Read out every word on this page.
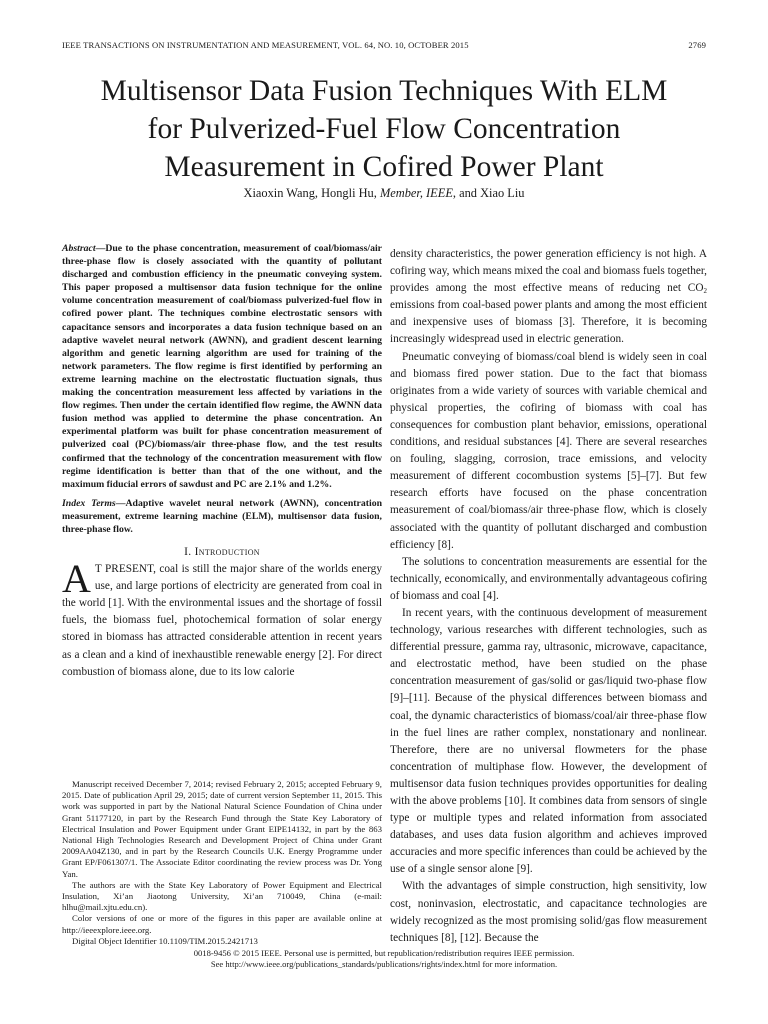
IEEE TRANSACTIONS ON INSTRUMENTATION AND MEASUREMENT, VOL. 64, NO. 10, OCTOBER 2015	2769
Multisensor Data Fusion Techniques With ELM
for Pulverized-Fuel Flow Concentration
Measurement in Cofired Power Plant
Xiaoxin Wang, Hongli Hu, Member, IEEE, and Xiao Liu
Abstract—Due to the phase concentration, measurement of coal/biomass/air three-phase flow is closely associated with the quantity of pollutant discharged and combustion efficiency in the pneumatic conveying system. This paper proposed a multisensor data fusion technique for the online volume concentration measurement of coal/biomass pulverized-fuel flow in cofired power plant. The techniques combine electrostatic sensors with capacitance sensors and incorporates a data fusion technique based on an adaptive wavelet neural network (AWNN), and gradient descent learning algorithm and genetic learning algorithm are used for training of the network parameters. The flow regime is first identified by performing an extreme learning machine on the electrostatic fluctuation signals, thus making the concentration measurement less affected by variations in the flow regimes. Then under the certain identified flow regime, the AWNN data fusion method was applied to determine the phase concentration. An experimental platform was built for phase concentration measurement of pulverized coal (PC)/biomass/air three-phase flow, and the test results confirmed that the technology of the concentration measurement with flow regime identification is better than that of the one without, and the maximum fiducial errors of sawdust and PC are 2.1% and 1.2%.
Index Terms—Adaptive wavelet neural network (AWNN), concentration measurement, extreme learning machine (ELM), multisensor data fusion, three-phase flow.
I. Introduction

A T PRESENT, coal is still the major share of the worlds energy use, and large portions of electricity are generated from coal in the world [1]. With the environmental issues and the shortage of fossil fuels, the biomass fuel, photochemical formation of solar energy stored in biomass has attracted considerable attention in recent years as a clean and a kind of inexhaustible renewable energy [2]. For direct combustion of biomass alone, due to its low calorie

Manuscript received December 7, 2014; revised February 2, 2015; accepted February 9, 2015. Date of publication April 29, 2015; date of current version September 11, 2015. This work was supported in part by the National Natural Science Foundation of China under Grant 51177120, in part by the Research Fund through the State Key Laboratory of Electrical Insulation and Power Equipment under Grant EIPE14132, in part by the 863 National High Technologies Research and Development Project of China under Grant 2009AA04Z130, and in part by the Research Councils U.K. Energy Programme under Grant EP/F061307/1. The Associate Editor coordinating the review process was Dr. Yong Yan.

The authors are with the State Key Laboratory of Power Equipment and Electrical Insulation, Xi’an Jiaotong University, Xi’an 710049, China (e-mail: hlhu@mail.xjtu.edu.cn).

Color versions of one or more of the figures in this paper are available online at http://ieeexplore.ieee.org.

Digital Object Identifier 10.1109/TIM.2015.2421713

density characteristics, the power generation efficiency is not high. A cofiring way, which means mixed the coal and biomass fuels together, provides among the most effective means of reducing net $CO_2$ emissions from coal-based power plants and among the most efficient and inexpensive uses of biomass [3]. Therefore, it is becoming increasingly widespread used in electric generation.

Pneumatic conveying of biomass/coal blend is widely seen in coal and biomass fired power station. Due to the fact that biomass originates from a wide variety of sources with variable chemical and physical properties, the cofiring of biomass with coal has consequences for combustion plant behavior, emissions, operational conditions, and residual substances [4]. There are several researches on fouling, slagging, corrosion, trace emissions, and velocity measurement of different cocombustion systems [5]–[7]. But few research efforts have focused on the phase concentration measurement of coal/biomass/air three-phase flow, which is closely associated with the quantity of pollutant discharged and combustion efficiency [8].

The solutions to concentration measurements are essential for the technically, economically, and environmentally advantageous cofiring of biomass and coal [4].

In recent years, with the continuous development of measurement technology, various researches with different technologies, such as differential pressure, gamma ray, ultrasonic, microwave, capacitance, and electrostatic method, have been studied on the phase concentration measurement of gas/solid or gas/liquid two-phase flow [9]–[11]. Because of the physical differences between biomass and coal, the dynamic characteristics of biomass/coal/air three-phase flow in the fuel lines are rather complex, nonstationary and nonlinear. Therefore, there are no universal flowmeters for the phase concentration of multiphase flow. However, the development of multisensor data fusion techniques provides opportunities for dealing with the above problems [10]. It combines data from sensors of single type or multiple types and related information from associated databases, and uses data fusion algorithm and achieves improved accuracies and more specific inferences than could be achieved by the use of a single sensor alone [9].

With the advantages of simple construction, high sensitivity, low cost, noninvasion, electrostatic, and capacitance technologies are widely recognized as the most promising solid/gas flow measurement techniques [8], [12]. Because the

0018-9456 © 2015 IEEE. Personal use is permitted, but republication/redistribution requires IEEE permission.
See http://www.ieee.org/publications_standards/publications/rights/index.html for more information.
